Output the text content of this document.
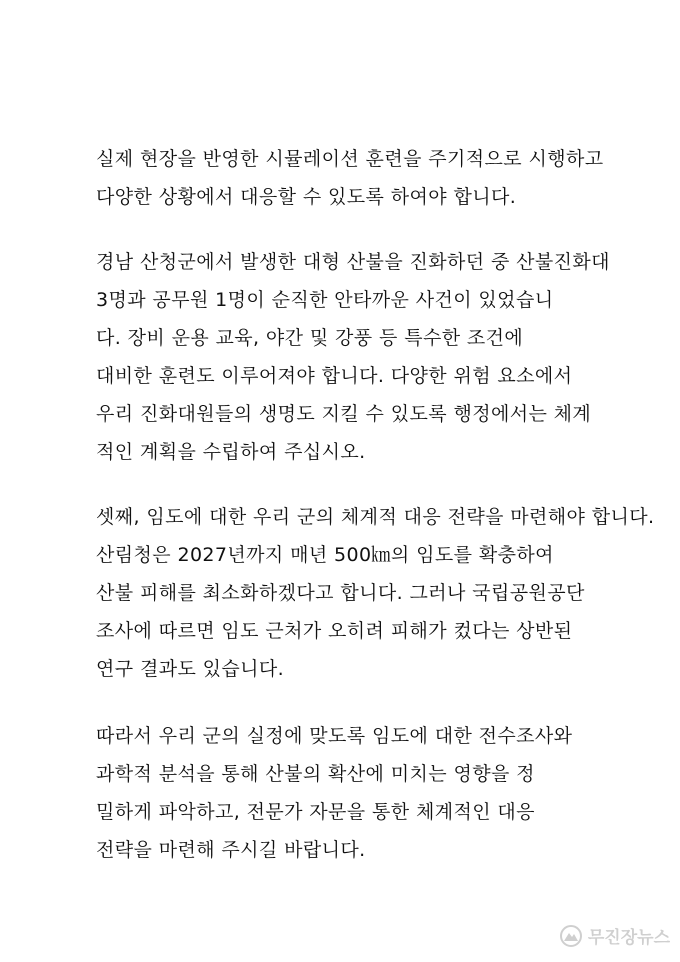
실제 현장을 반영한 시뮬레이션 훈련을 주기적으로 시행하고
다양한 상황에서 대응할 수 있도록 하여야 합니다.
경남 산청군에서 발생한 대형 산불을 진화하던 중 산불진화대
3명과 공무원 1명이 순직한 안타까운 사건이 있었습니
다. 장비 운용 교육, 야간 및 강풍 등 특수한 조건에
대비한 훈련도 이루어져야 합니다. 다양한 위험 요소에서
우리 진화대원들의 생명도 지킬 수 있도록 행정에서는 체계
적인 계획을 수립하여 주십시오.
셋째, 임도에 대한 우리 군의 체계적 대응 전략을 마련해야 합니다.
산림청은 2027년까지 매년 500㎞의 임도를 확충하여
산불 피해를 최소화하겠다고 합니다. 그러나 국립공원공단
조사에 따르면 임도 근처가 오히려 피해가 컸다는 상반된
연구 결과도 있습니다.
따라서 우리 군의 실정에 맞도록 임도에 대한 전수조사와
과학적 분석을 통해 산불의 확산에 미치는 영향을 정
밀하게 파악하고, 전문가 자문을 통한 체계적인 대응
전략을 마련해 주시길 바랍니다.
무진장뉴스
